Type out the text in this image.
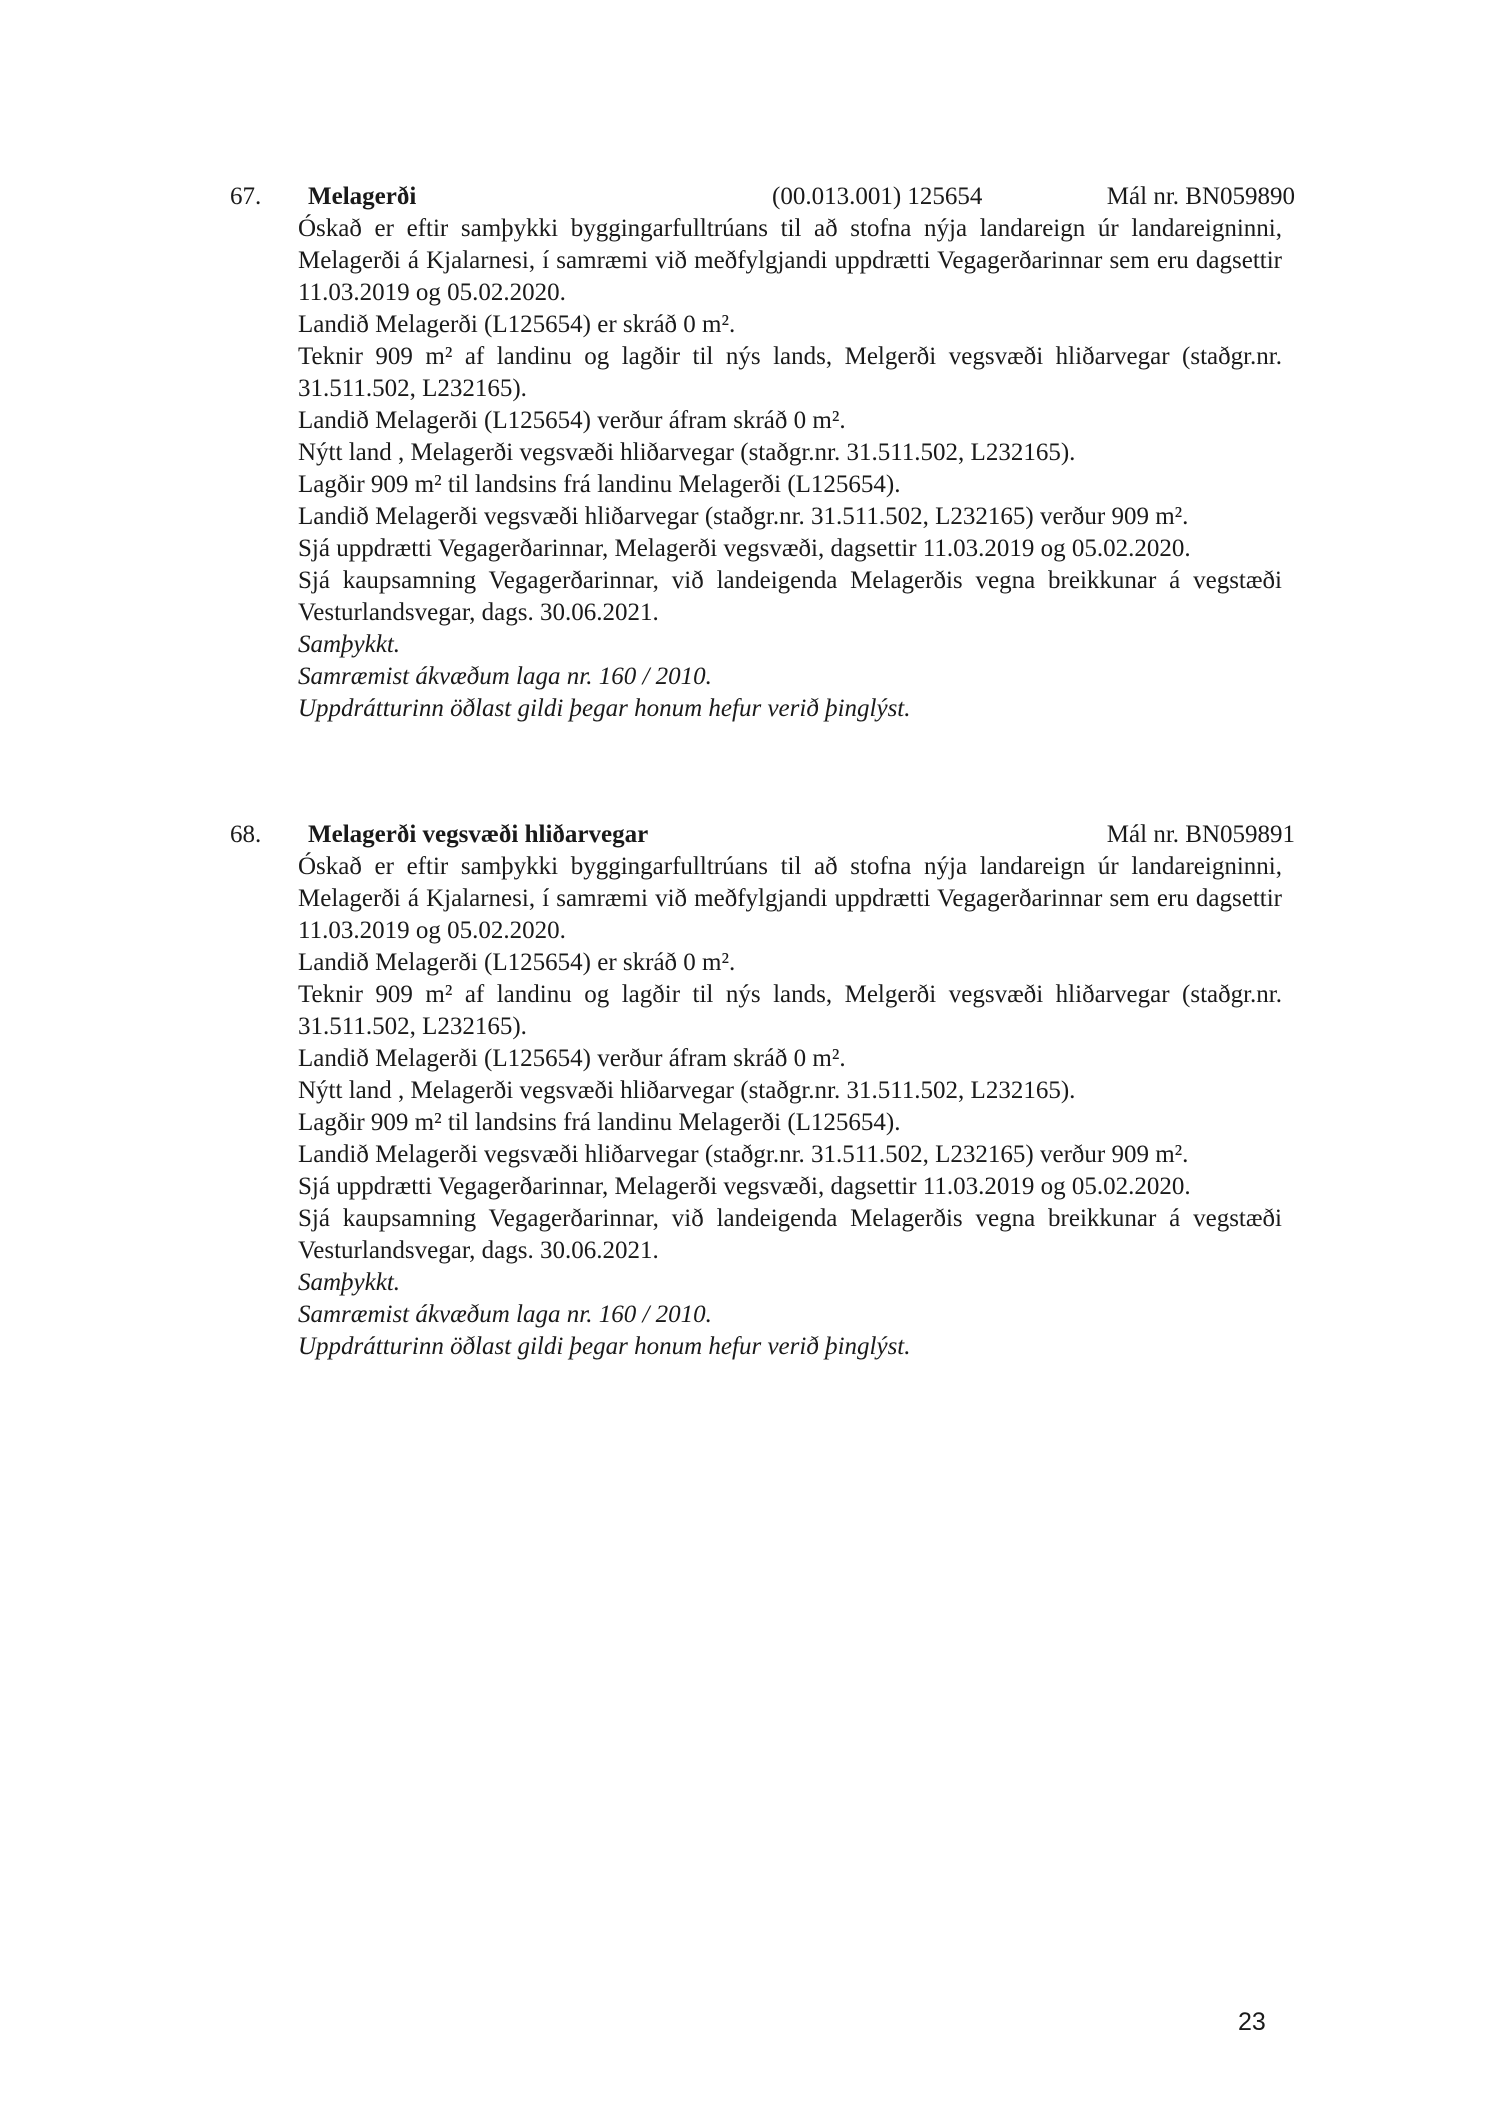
67. Melagerði	(00.013.001) 125654	Mál nr. BN059890

Óskað er eftir samþykki byggingarfulltrúans til að stofna nýja landareign úr landareigninni, Melagerði á Kjalarnesi, í samræmi við meðfylgjandi uppdrætti Vegagerðarinnar sem eru dagsettir 11.03.2019 og 05.02.2020.

Landið Melagerði (L125654) er skráð 0 m².

Teknir 909 m² af landinu og lagðir til nýs lands, Melgerði vegsvæði hliðarvegar (staðgr.nr. 31.511.502, L232165).

Landið Melagerði (L125654) verður áfram skráð 0 m².

Nýtt land , Melagerði vegsvæði hliðarvegar (staðgr.nr. 31.511.502, L232165).

Lagðir 909 m² til landsins frá landinu Melagerði (L125654).

Landið Melagerði vegsvæði hliðarvegar (staðgr.nr. 31.511.502, L232165) verður 909 m².

Sjá uppdrætti Vegagerðarinnar, Melagerði vegsvæði, dagsettir 11.03.2019 og 05.02.2020.

Sjá kaupsamning Vegagerðarinnar, við landeigenda Melagerðis vegna breikkunar á vegstæði Vesturlandsvegar, dags. 30.06.2021.

Samþykkt.

Samræmist ákvæðum laga nr. 160 / 2010.

Uppdrátturinn öðlast gildi þegar honum hefur verið þinglýst.

68. Melagerði vegsvæði hliðarvegar	Mál nr. BN059891

Óskað er eftir samþykki byggingarfulltrúans til að stofna nýja landareign úr landareigninni, Melagerði á Kjalarnesi, í samræmi við meðfylgjandi uppdrætti Vegagerðarinnar sem eru dagsettir 11.03.2019 og 05.02.2020.

Landið Melagerði (L125654) er skráð 0 m².

Teknir 909 m² af landinu og lagðir til nýs lands, Melgerði vegsvæði hliðarvegar (staðgr.nr. 31.511.502, L232165).

Landið Melagerði (L125654) verður áfram skráð 0 m².

Nýtt land , Melagerði vegsvæði hliðarvegar (staðgr.nr. 31.511.502, L232165).

Lagðir 909 m² til landsins frá landinu Melagerði (L125654).

Landið Melagerði vegsvæði hliðarvegar (staðgr.nr. 31.511.502, L232165) verður 909 m².

Sjá uppdrætti Vegagerðarinnar, Melagerði vegsvæði, dagsettir 11.03.2019 og 05.02.2020.

Sjá kaupsamning Vegagerðarinnar, við landeigenda Melagerðis vegna breikkunar á vegstæði Vesturlandsvegar, dags. 30.06.2021.

Samþykkt.

Samræmist ákvæðum laga nr. 160 / 2010.

Uppdrátturinn öðlast gildi þegar honum hefur verið þinglýst.

23
